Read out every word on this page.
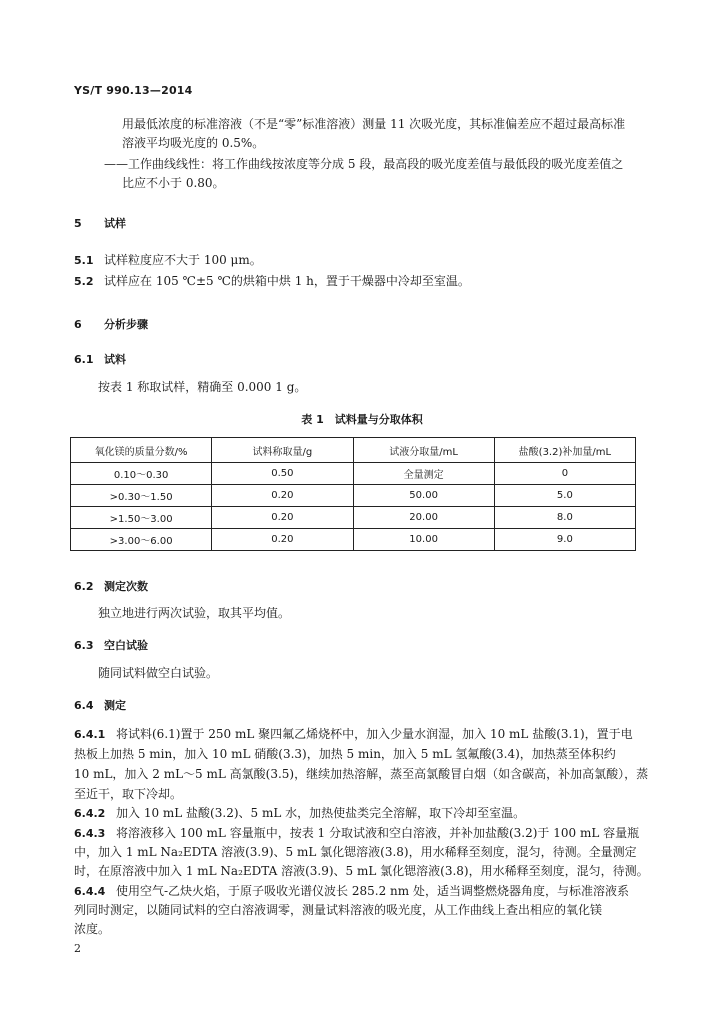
YS/T 990.13—2014
用最低浓度的标准溶液（不是“零”标准溶液）测量 11 次吸光度，其标准偏差应不超过最高标准
溶液平均吸光度的 0.5%。
——工作曲线线性：将工作曲线按浓度等分成 5 段，最高段的吸光度差值与最低段的吸光度差值之
比应不小于 0.80。
5 试样
5.1 试样粒度应不大于 100 μm。
5.2 试样应在 105 ℃±5 ℃的烘箱中烘 1 h，置于干燥器中冷却至室温。
6 分析步骤
6.1 试料
按表 1 称取试样，精确至 0.000 1 g。
表 1　试料量与分取体积
氧化镁的质量分数/%	试料称取量/g	试液分取量/mL	盐酸(3.2)补加量/mL
0.10～0.30	0.50	全量测定	0
>0.30～1.50	0.20	50.00	5.0
>1.50～3.00	0.20	20.00	8.0
>3.00～6.00	0.20	10.00	9.0
6.2 测定次数
独立地进行两次试验，取其平均值。
6.3 空白试验
随同试料做空白试验。
6.4 测定
6.4.1 将试料(6.1)置于 250 mL 聚四氟乙烯烧杯中，加入少量水润湿，加入 10 mL 盐酸(3.1)，置于电
热板上加热 5 min，加入 10 mL 硝酸(3.3)，加热 5 min，加入 5 mL 氢氟酸(3.4)，加热蒸至体积约
10 mL，加入 2 mL～5 mL 高氯酸(3.5)，继续加热溶解，蒸至高氯酸冒白烟（如含碳高，补加高氯酸），蒸
至近干，取下冷却。
6.4.2 加入 10 mL 盐酸(3.2)、5 mL 水，加热使盐类完全溶解，取下冷却至室温。
6.4.3 将溶液移入 100 mL 容量瓶中，按表 1 分取试液和空白溶液，并补加盐酸(3.2)于 100 mL 容量瓶
中，加入 1 mL Na₂EDTA 溶液(3.9)、5 mL 氯化锶溶液(3.8)，用水稀释至刻度，混匀，待测。全量测定
时，在原溶液中加入 1 mL Na₂EDTA 溶液(3.9)、5 mL 氯化锶溶液(3.8)，用水稀释至刻度，混匀，待测。
6.4.4 使用空气-乙炔火焰，于原子吸收光谱仪波长 285.2 nm 处，适当调整燃烧器角度，与标准溶液系
列同时测定，以随同试料的空白溶液调零，测量试料溶液的吸光度，从工作曲线上查出相应的氧化镁
浓度。
2
